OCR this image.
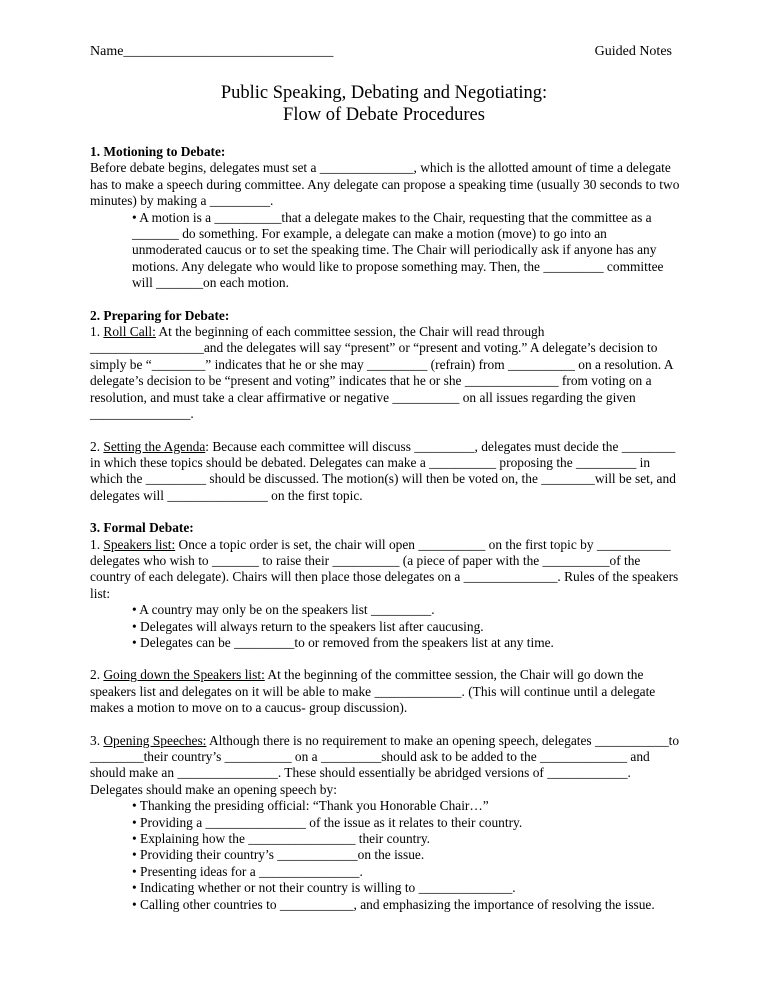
Name______________________________	Guided Notes
Public Speaking, Debating and Negotiating:
Flow of Debate Procedures

1. Motioning to Debate:

Before debate begins, delegates must set a ______________, which is the allotted amount of time a delegate has to make a speech during committee. Any delegate can propose a speaking time (usually 30 seconds to two minutes) by making a _________.

• A motion is a __________that a delegate makes to the Chair, requesting that the committee as a _______ do something. For example, a delegate can make a motion (move) to go into an unmoderated caucus or to set the speaking time. The Chair will periodically ask if anyone has any motions. Any delegate who would like to propose something may. Then, the _________ committee will _______on each motion.

2. Preparing for Debate:

1. Roll Call: At the beginning of each committee session, the Chair will read through _________________and the delegates will say “present” or “present and voting.” A delegate’s decision to simply be “________” indicates that he or she may _________ (refrain) from __________ on a resolution. A delegate’s decision to be “present and voting” indicates that he or she ______________ from voting on a resolution, and must take a clear affirmative or negative __________ on all issues regarding the given _______________.

2. Setting the Agenda: Because each committee will discuss _________, delegates must decide the ________ in which these topics should be debated. Delegates can make a __________ proposing the _________ in which the _________ should be discussed. The motion(s) will then be voted on, the ________will be set, and delegates will _______________ on the first topic.

3. Formal Debate:

1. Speakers list: Once a topic order is set, the chair will open __________ on the first topic by ___________ delegates who wish to _______ to raise their __________ (a piece of paper with the __________of the country of each delegate). Chairs will then place those delegates on a ______________. Rules of the speakers list:

• A country may only be on the speakers list _________.

• Delegates will always return to the speakers list after caucusing.

• Delegates can be _________to or removed from the speakers list at any time.

2. Going down the Speakers list: At the beginning of the committee session, the Chair will go down the speakers list and delegates on it will be able to make _____________. (This will continue until a delegate makes a motion to move on to a caucus- group discussion).

3. Opening Speeches: Although there is no requirement to make an opening speech, delegates ___________to ________their country’s __________ on a _________should ask to be added to the _____________ and should make an _______________. These should essentially be abridged versions of ____________. Delegates should make an opening speech by:

• Thanking the presiding official: “Thank you Honorable Chair…”

• Providing a _______________ of the issue as it relates to their country.

• Explaining how the ________________ their country.

• Providing their country’s ____________on the issue.

• Presenting ideas for a _______________.

• Indicating whether or not their country is willing to ______________.

• Calling other countries to ___________, and emphasizing the importance of resolving the issue.
